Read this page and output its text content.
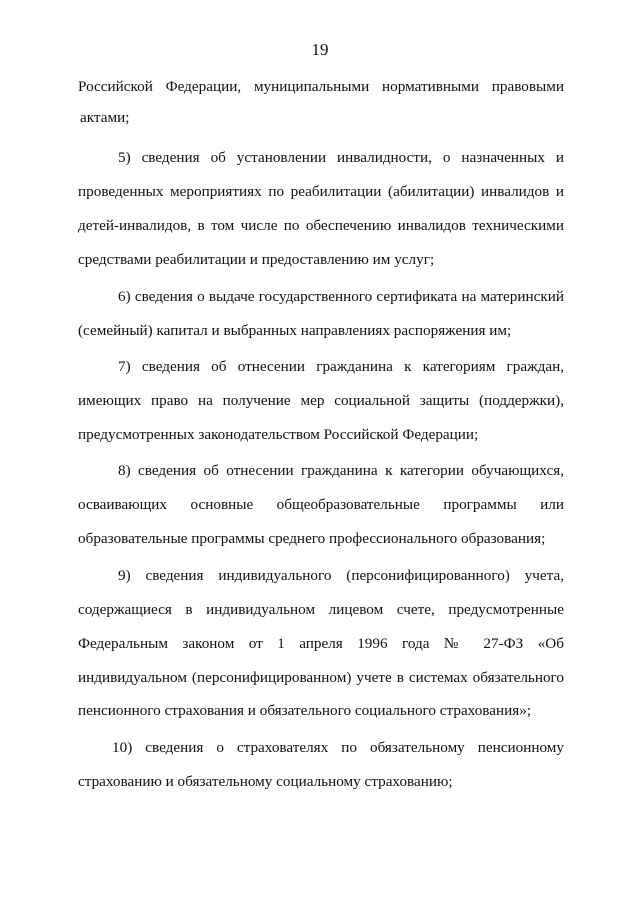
19
Российской Федерации, муниципальными нормативными правовыми
актами;
5) сведения об установлении инвалидности, о назначенных и
проведенных мероприятиях по реабилитации (абилитации) инвалидов и
детей-инвалидов, в том числе по обеспечению инвалидов техническими
средствами реабилитации и предоставлению им услуг;
6) сведения о выдаче государственного сертификата на материнский
(семейный) капитал и выбранных направлениях распоряжения им;
7) сведения об отнесении гражданина к категориям граждан,
имеющих право на получение мер социальной защиты (поддержки),
предусмотренных законодательством Российской Федерации;
8) сведения об отнесении гражданина к категории обучающихся,
осваивающих основные общеобразовательные программы или
образовательные программы среднего профессионального образования;
9) сведения индивидуального (персонифицированного) учета,
содержащиеся в индивидуальном лицевом счете, предусмотренные
Федеральным законом от 1 апреля 1996 года № 27-ФЗ «Об
индивидуальном (персонифицированном) учете в системах обязательного
пенсионного страхования и обязательного социального страхования»;
10) сведения о страхователях по обязательному пенсионному
страхованию и обязательному социальному страхованию;
